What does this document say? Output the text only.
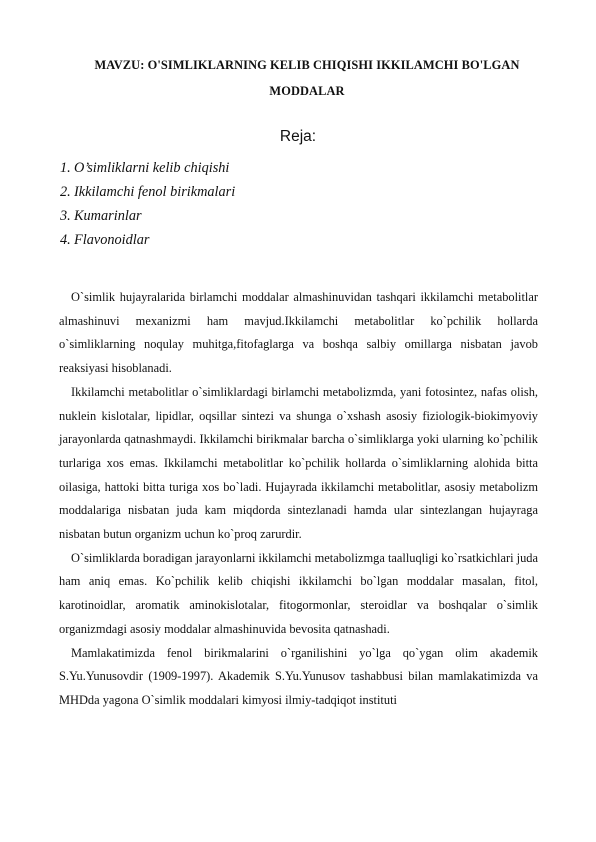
MAVZU: O'SIMLIKLARNING KELIB CHIQISHI IKKILAMCHI BO'LGAN
MODDALAR
Reja:
1. O’simliklarni kelib chiqishi
2. Ikkilamchi fenol birikmalari
3. Kumarinlar
4. Flavonoidlar

O`simlik hujayralarida birlamchi moddalar almashinuvidan tashqari ikkilamchi metabolitlar almashinuvi mexanizmi ham mavjud.Ikkilamchi metabolitlar ko`pchilik hollarda o`simliklarning noqulay muhitga,fitofaglarga va boshqa salbiy omillarga nisbatan javob reaksiyasi hisoblanadi.

Ikkilamchi metabolitlar o`simliklardagi birlamchi metabolizmda, yani fotosintez, nafas olish, nuklein kislotalar, lipidlar, oqsillar sintezi va shunga o`xshash asosiy fiziologik-biokimyoviy jarayonlarda qatnashmaydi. Ikkilamchi birikmalar barcha o`simliklarga yoki ularning ko`pchilik turlariga xos emas. Ikkilamchi metabolitlar ko`pchilik hollarda o`simliklarning alohida bitta oilasiga, hattoki bitta turiga xos bo`ladi. Hujayrada ikkilamchi metabolitlar, asosiy metabolizm moddalariga nisbatan juda kam miqdorda sintezlanadi hamda ular sintezlangan hujayraga nisbatan butun organizm uchun ko`proq zarurdir.

O`simliklarda boradigan jarayonlarni ikkilamchi metabolizmga taalluqligi ko`rsatkichlari juda ham aniq emas. Ko`pchilik kelib chiqishi ikkilamchi bo`lgan moddalar masalan, fitol, karotinoidlar, aromatik aminokislotalar, fitogormonlar, steroidlar va boshqalar o`simlik organizmdagi asosiy moddalar almashinuvida bevosita qatnashadi.

Mamlakatimizda fenol birikmalarini o`rganilishini yo`lga qo`ygan olim akademik S.Yu.Yunusovdir (1909-1997). Akademik S.Yu.Yunusov tashabbusi bilan mamlakatimizda va MHDda yagona O`simlik moddalari kimyosi ilmiy-tadqiqot instituti
